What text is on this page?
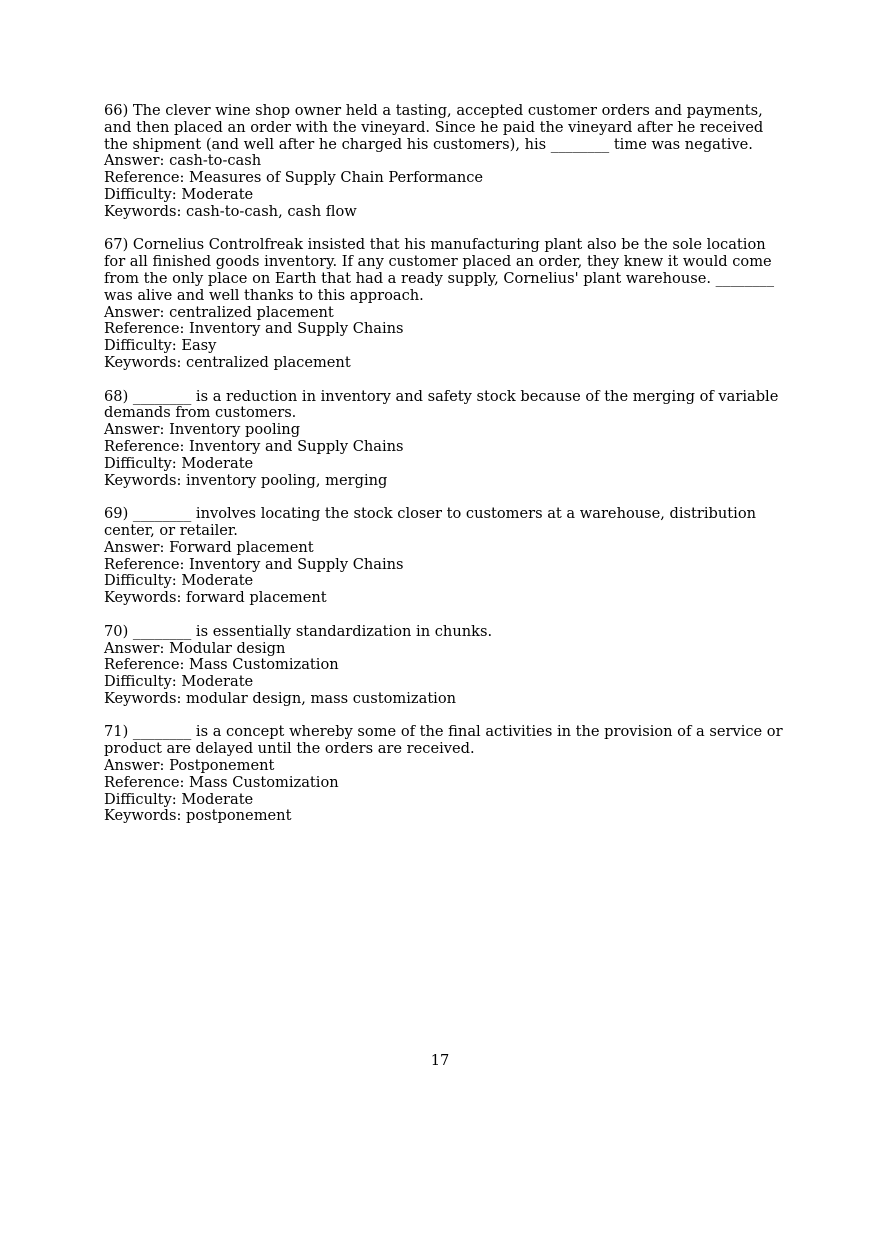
66) The clever wine shop owner held a tasting, accepted customer orders and payments,
and then placed an order with the vineyard. Since he paid the vineyard after he received
the shipment (and well after he charged his customers), his ________ time was negative.
Answer: cash-to-cash
Reference: Measures of Supply Chain Performance
Difficulty: Moderate
Keywords: cash-to-cash, cash flow
67) Cornelius Controlfreak insisted that his manufacturing plant also be the sole location
for all finished goods inventory. If any customer placed an order, they knew it would come
from the only place on Earth that had a ready supply, Cornelius' plant warehouse. ________
was alive and well thanks to this approach.
Answer: centralized placement
Reference: Inventory and Supply Chains
Difficulty: Easy
Keywords: centralized placement
68) ________ is a reduction in inventory and safety stock because of the merging of variable
demands from customers.
Answer: Inventory pooling
Reference: Inventory and Supply Chains
Difficulty: Moderate
Keywords: inventory pooling, merging
69) ________ involves locating the stock closer to customers at a warehouse, distribution
center, or retailer.
Answer: Forward placement
Reference: Inventory and Supply Chains
Difficulty: Moderate
Keywords: forward placement
70) ________ is essentially standardization in chunks.
Answer: Modular design
Reference: Mass Customization
Difficulty: Moderate
Keywords: modular design, mass customization
71) ________ is a concept whereby some of the final activities in the provision of a service or
product are delayed until the orders are received.
Answer: Postponement
Reference: Mass Customization
Difficulty: Moderate
Keywords: postponement
17
